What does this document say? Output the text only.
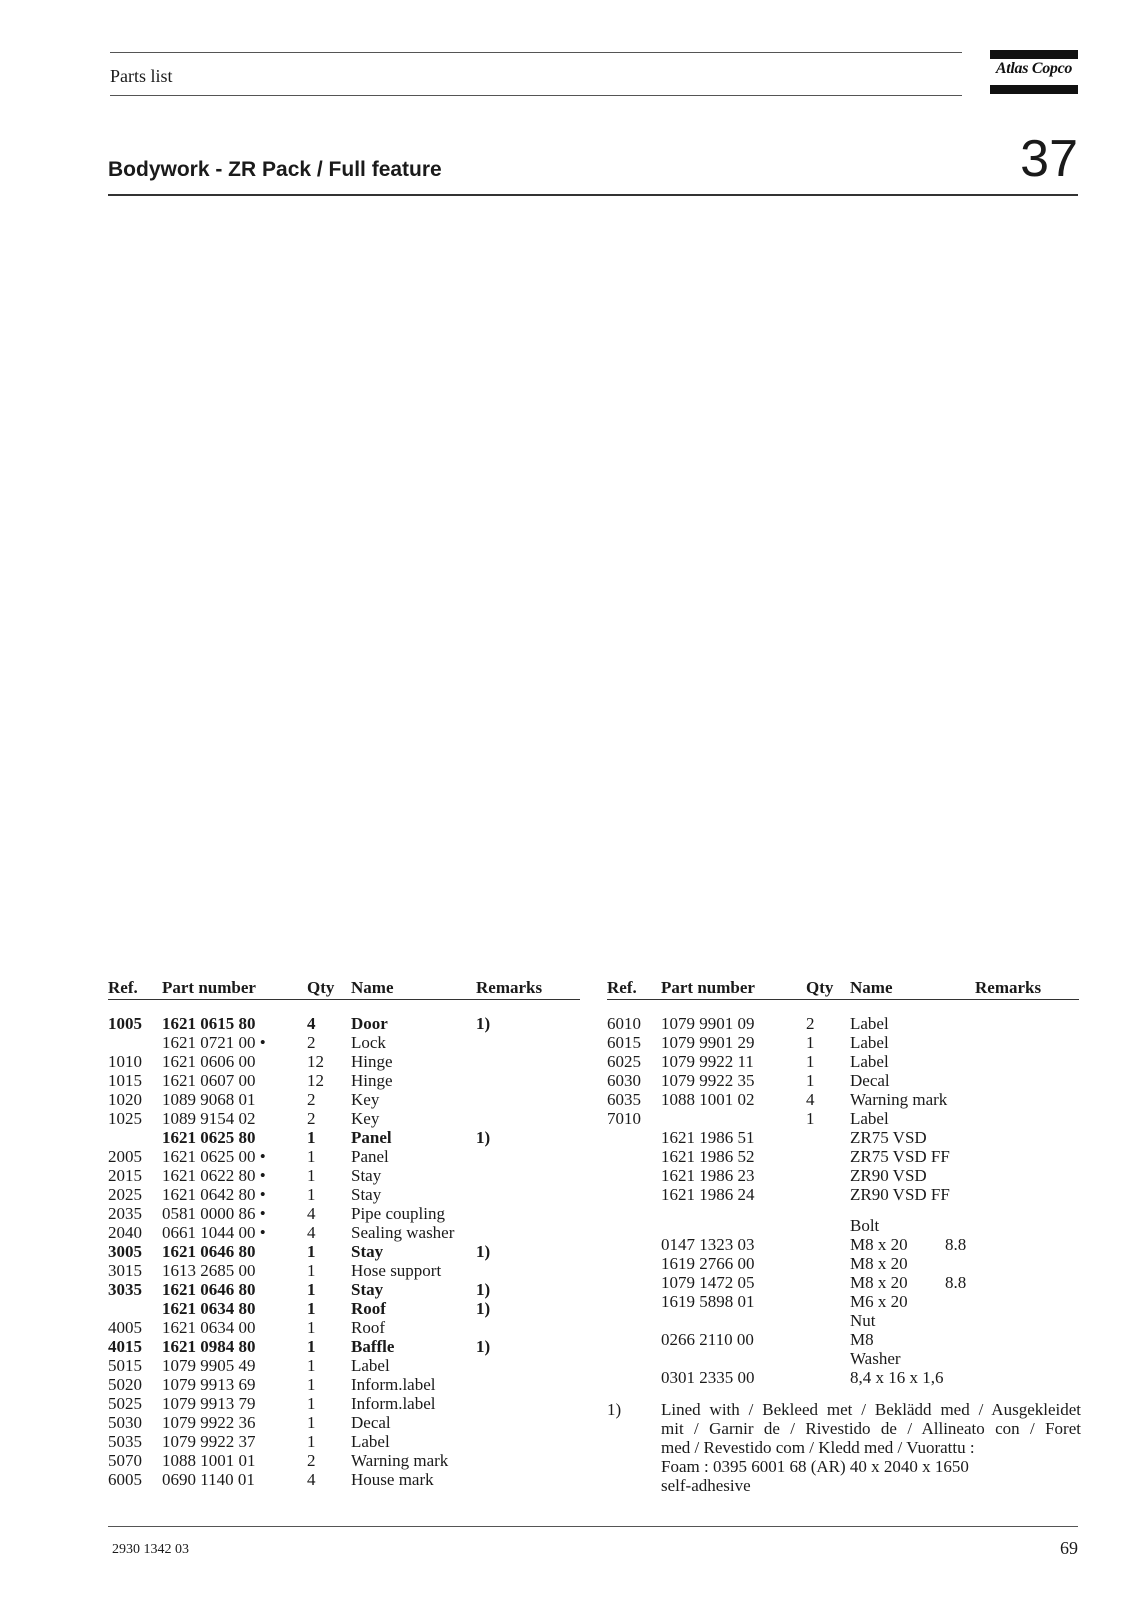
Parts list	Atlas Copco
Bodywork - ZR Pack / Full feature	37
Ref.	Part number	Qty Name	Remarks
1005	1621 0615 80	4	Door	1)
1621 0721 00 •	2	Lock
1010	1621 0606 00	12	Hinge
1015	1621 0607 00	12	Hinge
1020	1089 9068 01	2	Key
1025	1089 9154 02	2	Key
1621 0625 80	1	Panel	1)
2005	1621 0625 00 •	1	Panel
2015	1621 0622 80 •	1	Stay
2025	1621 0642 80 •	1	Stay
2035	0581 0000 86 •	4	Pipe coupling
2040	0661 1044 00 •	4	Sealing washer
3005	1621 0646 80	1	Stay	1)
3015	1613 2685 00	1	Hose support
3035	1621 0646 80	1	Stay	1)
1621 0634 80	1	Roof	1)
4005	1621 0634 00	1	Roof
4015	1621 0984 80	1	Baffle	1)
5015	1079 9905 49	1	Label
5020	1079 9913 69	1	Inform.label
5025	1079 9913 79	1	Inform.label
5030	1079 9922 36	1	Decal
5035	1079 9922 37	1	Label
5070	1088 1001 01	2	Warning mark
6005	0690 1140 01	4	House mark
Ref.	Part number	Qty Name	Remarks
6010	1079 9901 09	2	Label
6015	1079 9901 29	1	Label
6025	1079 9922 11	1	Label
6030	1079 9922 35	1	Decal
6035	1088 1001 02	4	Warning mark
7010	1	Label
1621 1986 51	ZR75 VSD
1621 1986 52	ZR75 VSD FF
1621 1986 23	ZR90 VSD
1621 1986 24	ZR90 VSD FF
Bolt
0147 1323 03	M8 x 20 8.8
1619 2766 00	M8 x 20
1079 1472 05	M8 x 20 8.8
1619 5898 01	M6 x 20
Nut
0266 2110 00	M8
Washer
0301 2335 00	8,4 x 16 x 1,6
1)	Lined with / Bekleed met / Beklädd med / Ausgekleidet
mit / Garnir de / Rivestido de / Allineato con / Foret
med / Revestido com / Kledd med / Vuorattu :
Foam : 0395 6001 68 (AR) 40 x 2040 x 1650
self-adhesive
2930 1342 03	69
